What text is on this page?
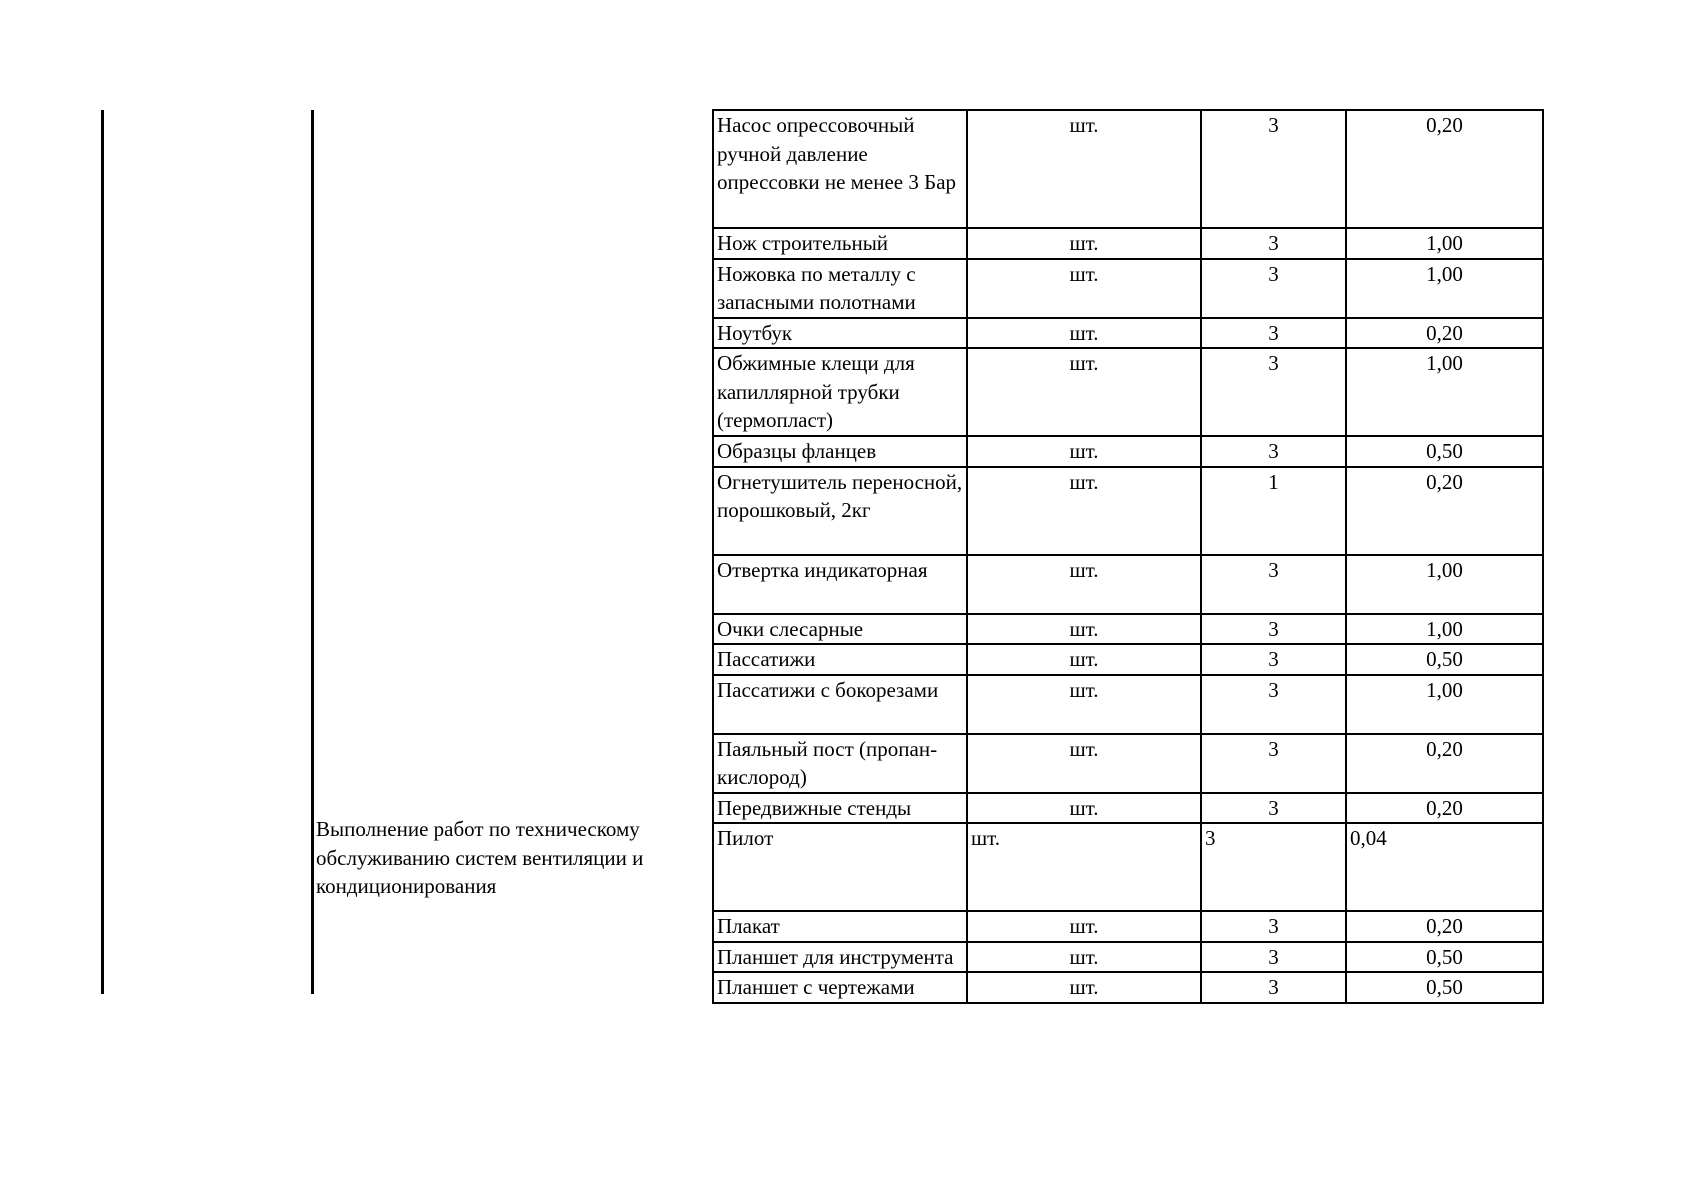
Выполнение работ по техническому обслуживанию систем вентиляции и кондиционирования
Насос опрессовочный ручной давление опрессовки не менее 3 Бар	шт.	3	0,20
Нож строительный	шт.	3	1,00
Ножовка по металлу с запасными полотнами	шт.	3	1,00
Ноутбук	шт.	3	0,20
Обжимные клещи для капиллярной трубки (термопласт)	шт.	3	1,00
Образцы фланцев	шт.	3	0,50
Огнетушитель переносной, порошковый, 2кг	шт.	1	0,20
Отвертка индикаторная	шт.	3	1,00
Очки слесарные	шт.	3	1,00
Пассатижи	шт.	3	0,50
Пассатижи с бокорезами	шт.	3	1,00
Паяльный пост (пропан-кислород)	шт.	3	0,20
Передвижные стенды	шт.	3	0,20
Пилот	шт.	3	0,04
Плакат	шт.	3	0,20
Планшет для инструмента	шт.	3	0,50
Планшет с чертежами	шт.	3	0,50
